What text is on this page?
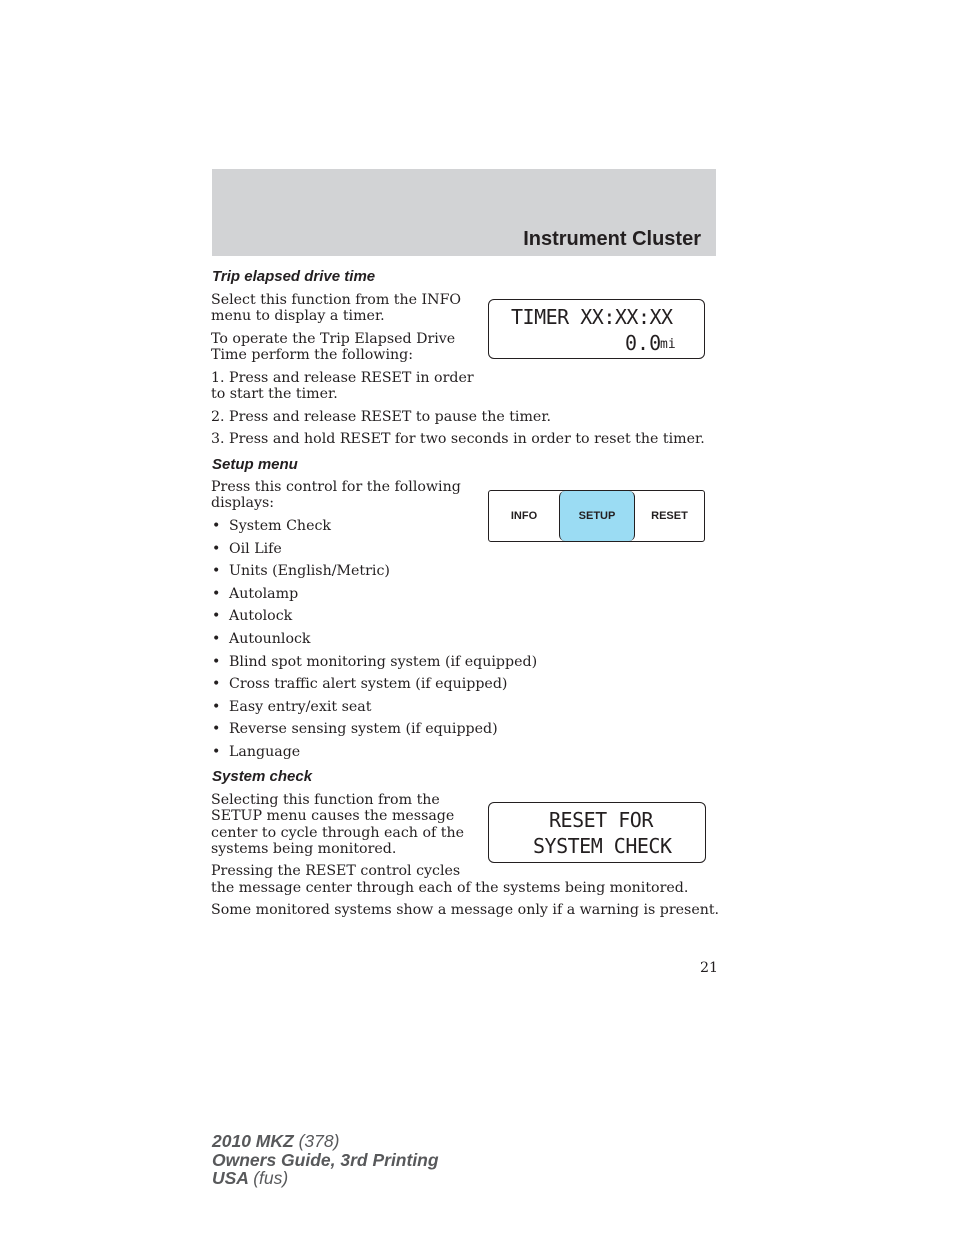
Instrument Cluster
Trip elapsed drive time
Select this function from the INFO
menu to display a timer.
To operate the Trip Elapsed Drive
Time perform the following:
1. Press and release RESET in order
to start the timer.
2. Press and release RESET to pause the timer.
3. Press and hold RESET for two seconds in order to reset the timer.
TIMER XX:XX:XX
0.0
mi
Setup menu
Press this control for the following
displays:
• System Check
• Oil Life
• Units (English/Metric)
• Autolamp
• Autolock
• Autounlock
• Blind spot monitoring system (if equipped)
• Cross traffic alert system (if equipped)
• Easy entry/exit seat
• Reverse sensing system (if equipped)
• Language
INFO	SETUP	RESET
System check
Selecting this function from the
SETUP menu causes the message
center to cycle through each of the
systems being monitored.
Pressing the RESET control cycles
the message center through each of the systems being monitored.
Some monitored systems show a message only if a warning is present.
RESET FOR
SYSTEM CHECK
21
2010 MKZ (378)
Owners Guide, 3rd Printing
USA (fus)
